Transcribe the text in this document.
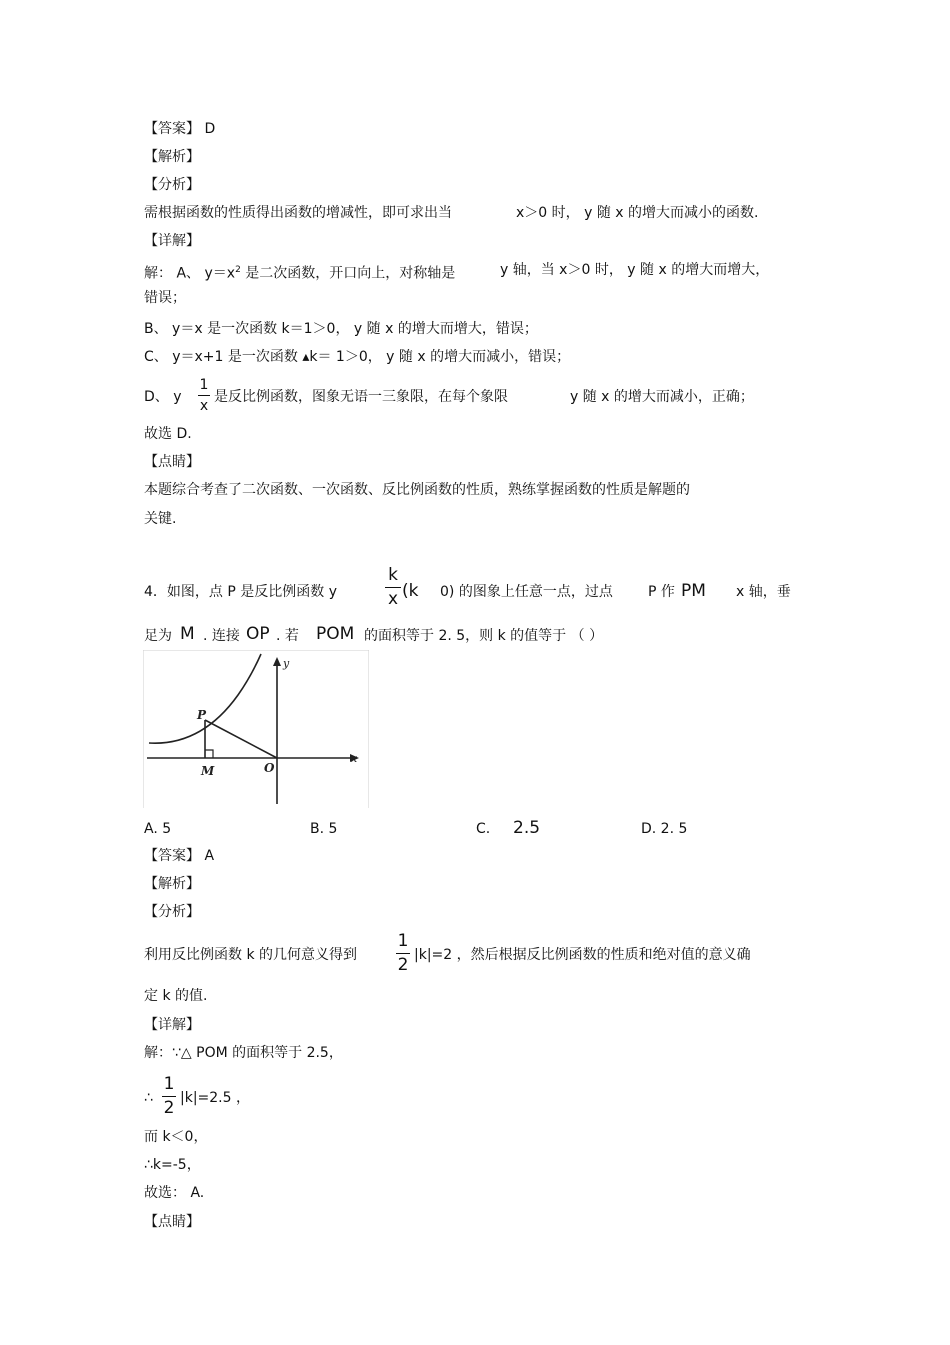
【答案】 D
【解析】
【分析】
需根据函数的性质得出函数的增减性，即可求出当	x＞0 时， y 随 x 的增大而减小的函数.
【详解】
解： A、 $y=x^2$ 是二次函数，开口向上，对称轴是	y 轴，当 x＞0 时， y 随 x 的增大而增大，
错误；
B、 y＝x 是一次函数 k＝1＞0， y 随 x 的增大而增大，错误；
C、 y＝x+1 是一次函数 ▴k＝ 1＞0， y 随 x 的增大而减小，错误；
D、 y
1
x
是反比例函数，图象无语一三象限，在每个象限	y 随 x 的增大而减小，正确；
故选 D.
【点睛】
本题综合考查了二次函数、一次函数、反比例函数的性质，熟练掌握函数的性质是解题的
关键.
4．如图，点 P 是反比例函数 y
k
x (k 0) 的图象上任意一点，过点	P 作 PM x 轴，垂
足为 M . 连接 OP . 若 POM 的面积等于 2. 5，则 k 的值等于 （ ）
y
x
P
M	O
A. 5	B. 5	C. 2.5	D. 2. 5
【答案】 A
【解析】
【分析】
利用反比例函数 k 的几何意义得到
1
2 |k|=2 ，然后根据反比例函数的性质和绝对值的意义确
定 k 的值.
【详解】
解：∵△ POM 的面积等于 2.5，
∴
1
2 |k|=2.5 ，
而 k＜0，
∴k=-5，
故选： A.
【点睛】
